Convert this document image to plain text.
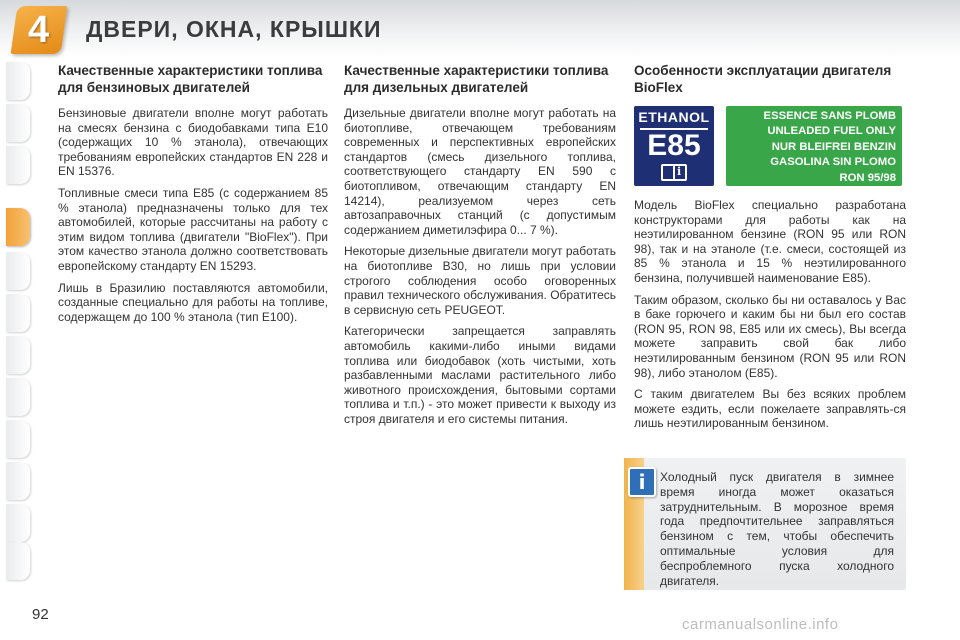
4 ДВЕРИ, ОКНА, КРЫШКИ
Качественные характеристики топлива для бензиновых двигателей

Бензиновые двигатели вполне могут работать на смесях бензина с биодобавками типа E10 (содержащих 10 % этанола), отвечающих требованиям европейских стандартов EN 228 и EN 15376.

Топливные смеси типа E85 (с содержанием 85 % этанола) предназначены только для тех автомобилей, которые рассчитаны на работу с этим видом топлива (двигатели "BioFlex"). При этом качество этанола должно соответствовать европейскому стандарту EN 15293.

Лишь в Бразилию поставляются автомобили, созданные специально для работы на топливе, содержащем до 100 % этанола (тип E100).

Качественные характеристики топлива для дизельных двигателей

Дизельные двигатели вполне могут работать на биотопливе, отвечающем требованиям современных и перспективных европейских стандартов (смесь дизельного топлива, соответствующего стандарту EN 590 с биотопливом, отвечающим стандарту EN 14214), реализуемом через сеть автозаправочных станций (с допустимым содержанием диметилэфира 0... 7 %).

Некоторые дизельные двигатели могут работать на биотопливе B30, но лишь при условии строгого соблюдения особо оговоренных правил технического обслуживания. Обратитесь в сервисную сеть PEUGEOT.

Категорически запрещается заправлять автомобиль какими-либо иными видами топлива или биодобавок (хоть чистыми, хоть разбавленными маслами растительного либо животного происхождения, бытовыми сортами топлива и т.п.) - это может привести к выходу из строя двигателя и его системы питания.

Особенности эксплуатации двигателя BioFlex
ETHANOL
E85
i
ESSENCE SANS PLOMB
UNLEADED FUEL ONLY
NUR BLEIFREI BENZIN
GASOLINA SIN PLOMO
RON 95/98

Модель BioFlex специально разработана конструкторами для работы как на неэтилированном бензине (RON 95 или RON 98), так и на этаноле (т.е. смеси, состоящей из 85 % этанола и 15 % неэтилированного бензина, получившей наименование E85).

Таким образом, сколько бы ни оставалось у Вас в баке горючего и каким бы ни был его состав (RON 95, RON 98, E85 или их смесь), Вы всегда можете заправить свой бак либо неэтилированным бензином (RON 95 или RON 98), либо этанолом (E85).

С таким двигателем Вы без всяких проблем можете ездить, если пожелаете заправлять-ся лишь неэтилированным бензином.

i	Холодный пуск двигателя в зимнее время иногда может оказаться затруднительным. В морозное время года предпочтительнее заправляться бензином с тем, чтобы обеспечить оптимальные условия для беспроблемного пуска холодного двигателя.
92
carmanualsonline.info
